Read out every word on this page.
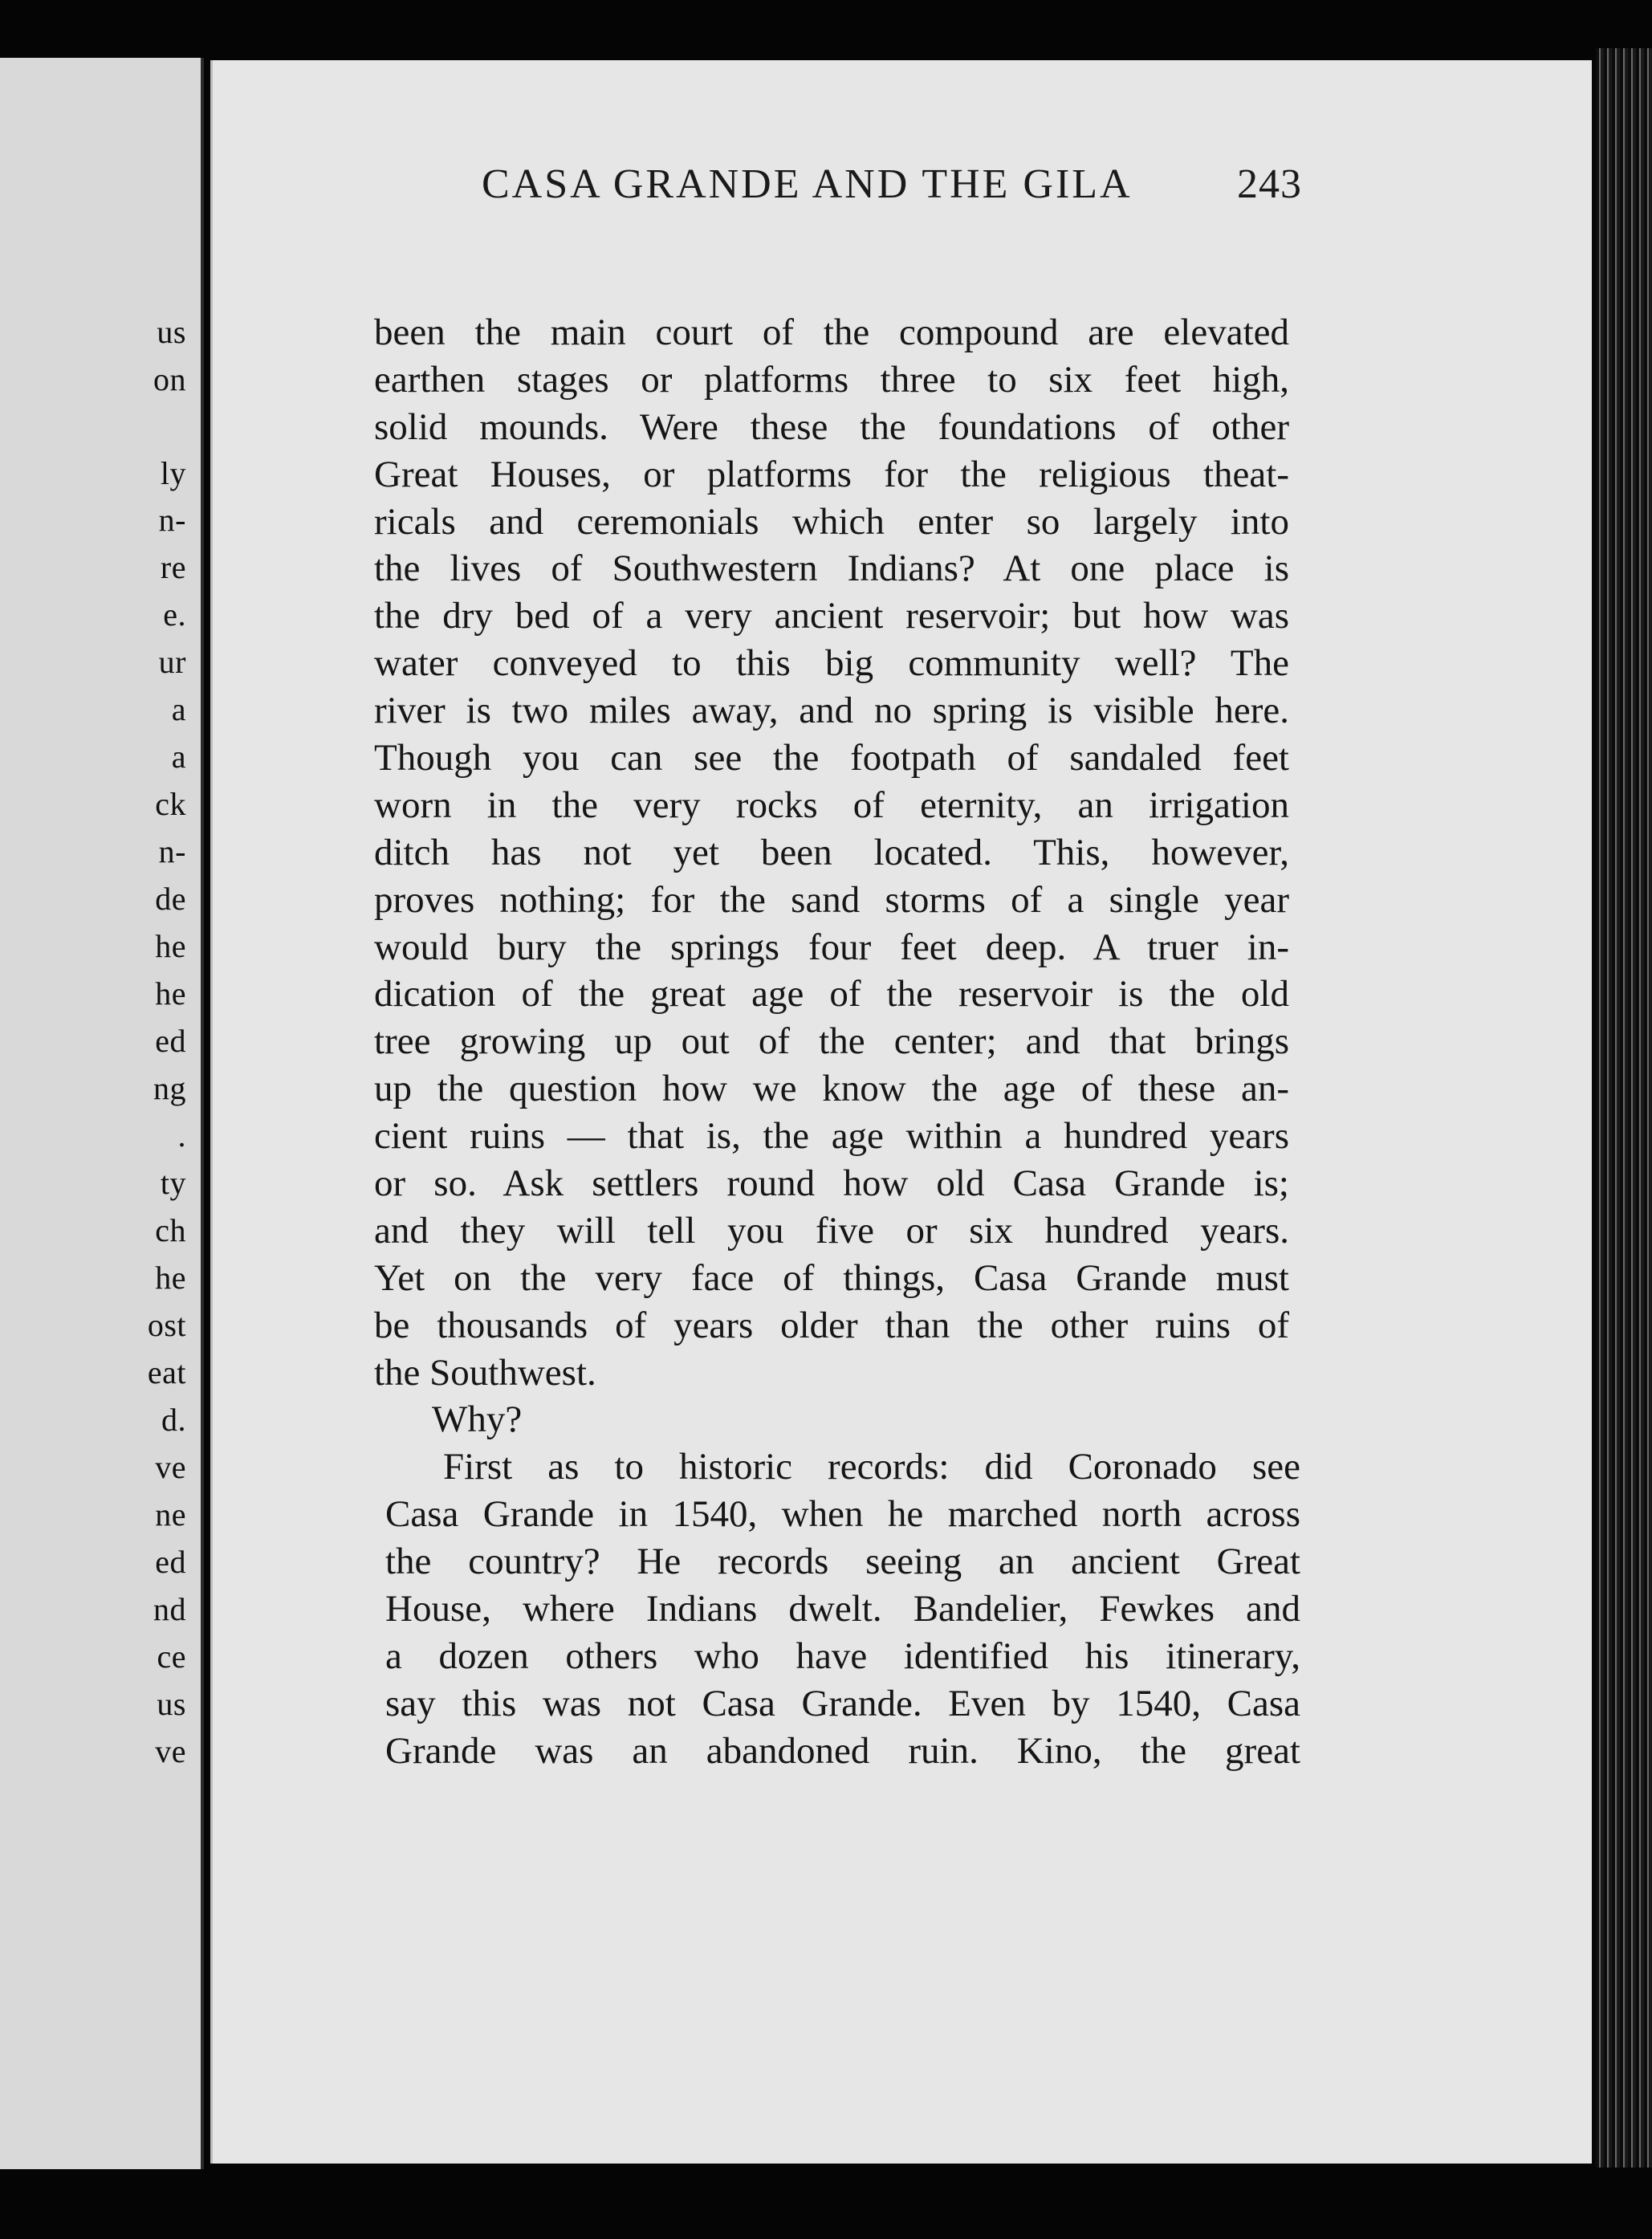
us
on
ly
n-
re
e.
ur
a
a
ck
n-
de
he
he
ed
ng
.
ty
ch
he
ost
eat
d.
ve
ne
ed
nd
ce
us
ve
CASA GRANDE AND THE GILA	243
been the main court of the compound are elevated
earthen stages or platforms three to six feet high,
solid mounds. Were these the foundations of other
Great Houses, or platforms for the religious theat-
ricals and ceremonials which enter so largely into
the lives of Southwestern Indians? At one place is
the dry bed of a very ancient reservoir; but how was
water conveyed to this big community well? The
river is two miles away, and no spring is visible here.
Though you can see the footpath of sandaled feet
worn in the very rocks of eternity, an irrigation
ditch has not yet been located. This, however,
proves nothing; for the sand storms of a single year
would bury the springs four feet deep. A truer in-
dication of the great age of the reservoir is the old
tree growing up out of the center; and that brings
up the question how we know the age of these an-
cient ruins — that is, the age within a hundred years
or so. Ask settlers round how old Casa Grande is;
and they will tell you five or six hundred years.
Yet on the very face of things, Casa Grande must
be thousands of years older than the other ruins of
the Southwest.
Why?
First as to historic records: did Coronado see
Casa Grande in 1540, when he marched north across
the country? He records seeing an ancient Great
House, where Indians dwelt. Bandelier, Fewkes and
a dozen others who have identified his itinerary,
say this was not Casa Grande. Even by 1540, Casa
Grande was an abandoned ruin. Kino, the great
